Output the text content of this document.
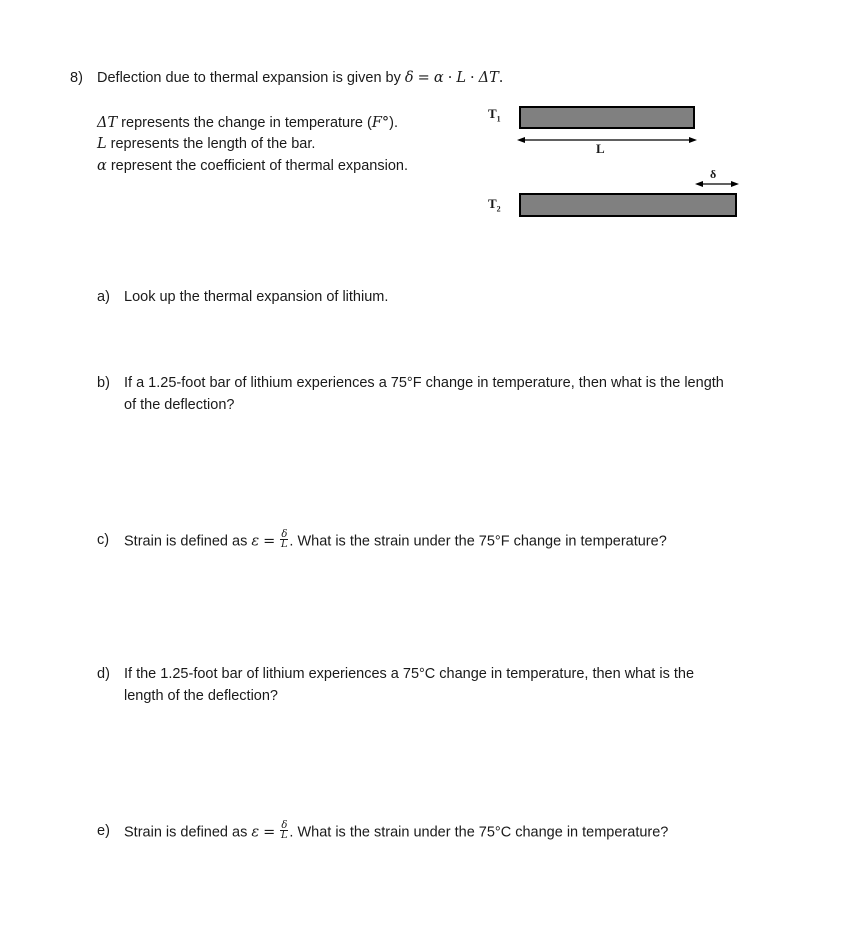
8) Deflection due to thermal expansion is given by δ = α · L · ΔT.
ΔT represents the change in temperature (F°).
L represents the length of the bar.
α represent the coefficient of thermal expansion.
$T_1$
L
δ
$T_2$
a) Look up the thermal expansion of lithium.
b) If a 1.25-foot bar of lithium experiences a 75°F change in temperature, then what is the length
of the deflection?
c) Strain is defined as $\varepsilon = \frac{\delta}{L}$ . What is the strain under the 75°F change in temperature?
d) If the 1.25-foot bar of lithium experiences a 75°C change in temperature, then what is the
length of the deflection?
e) Strain is defined as $\varepsilon = \frac{\delta}{L}$ . What is the strain under the 75°C change in temperature?
